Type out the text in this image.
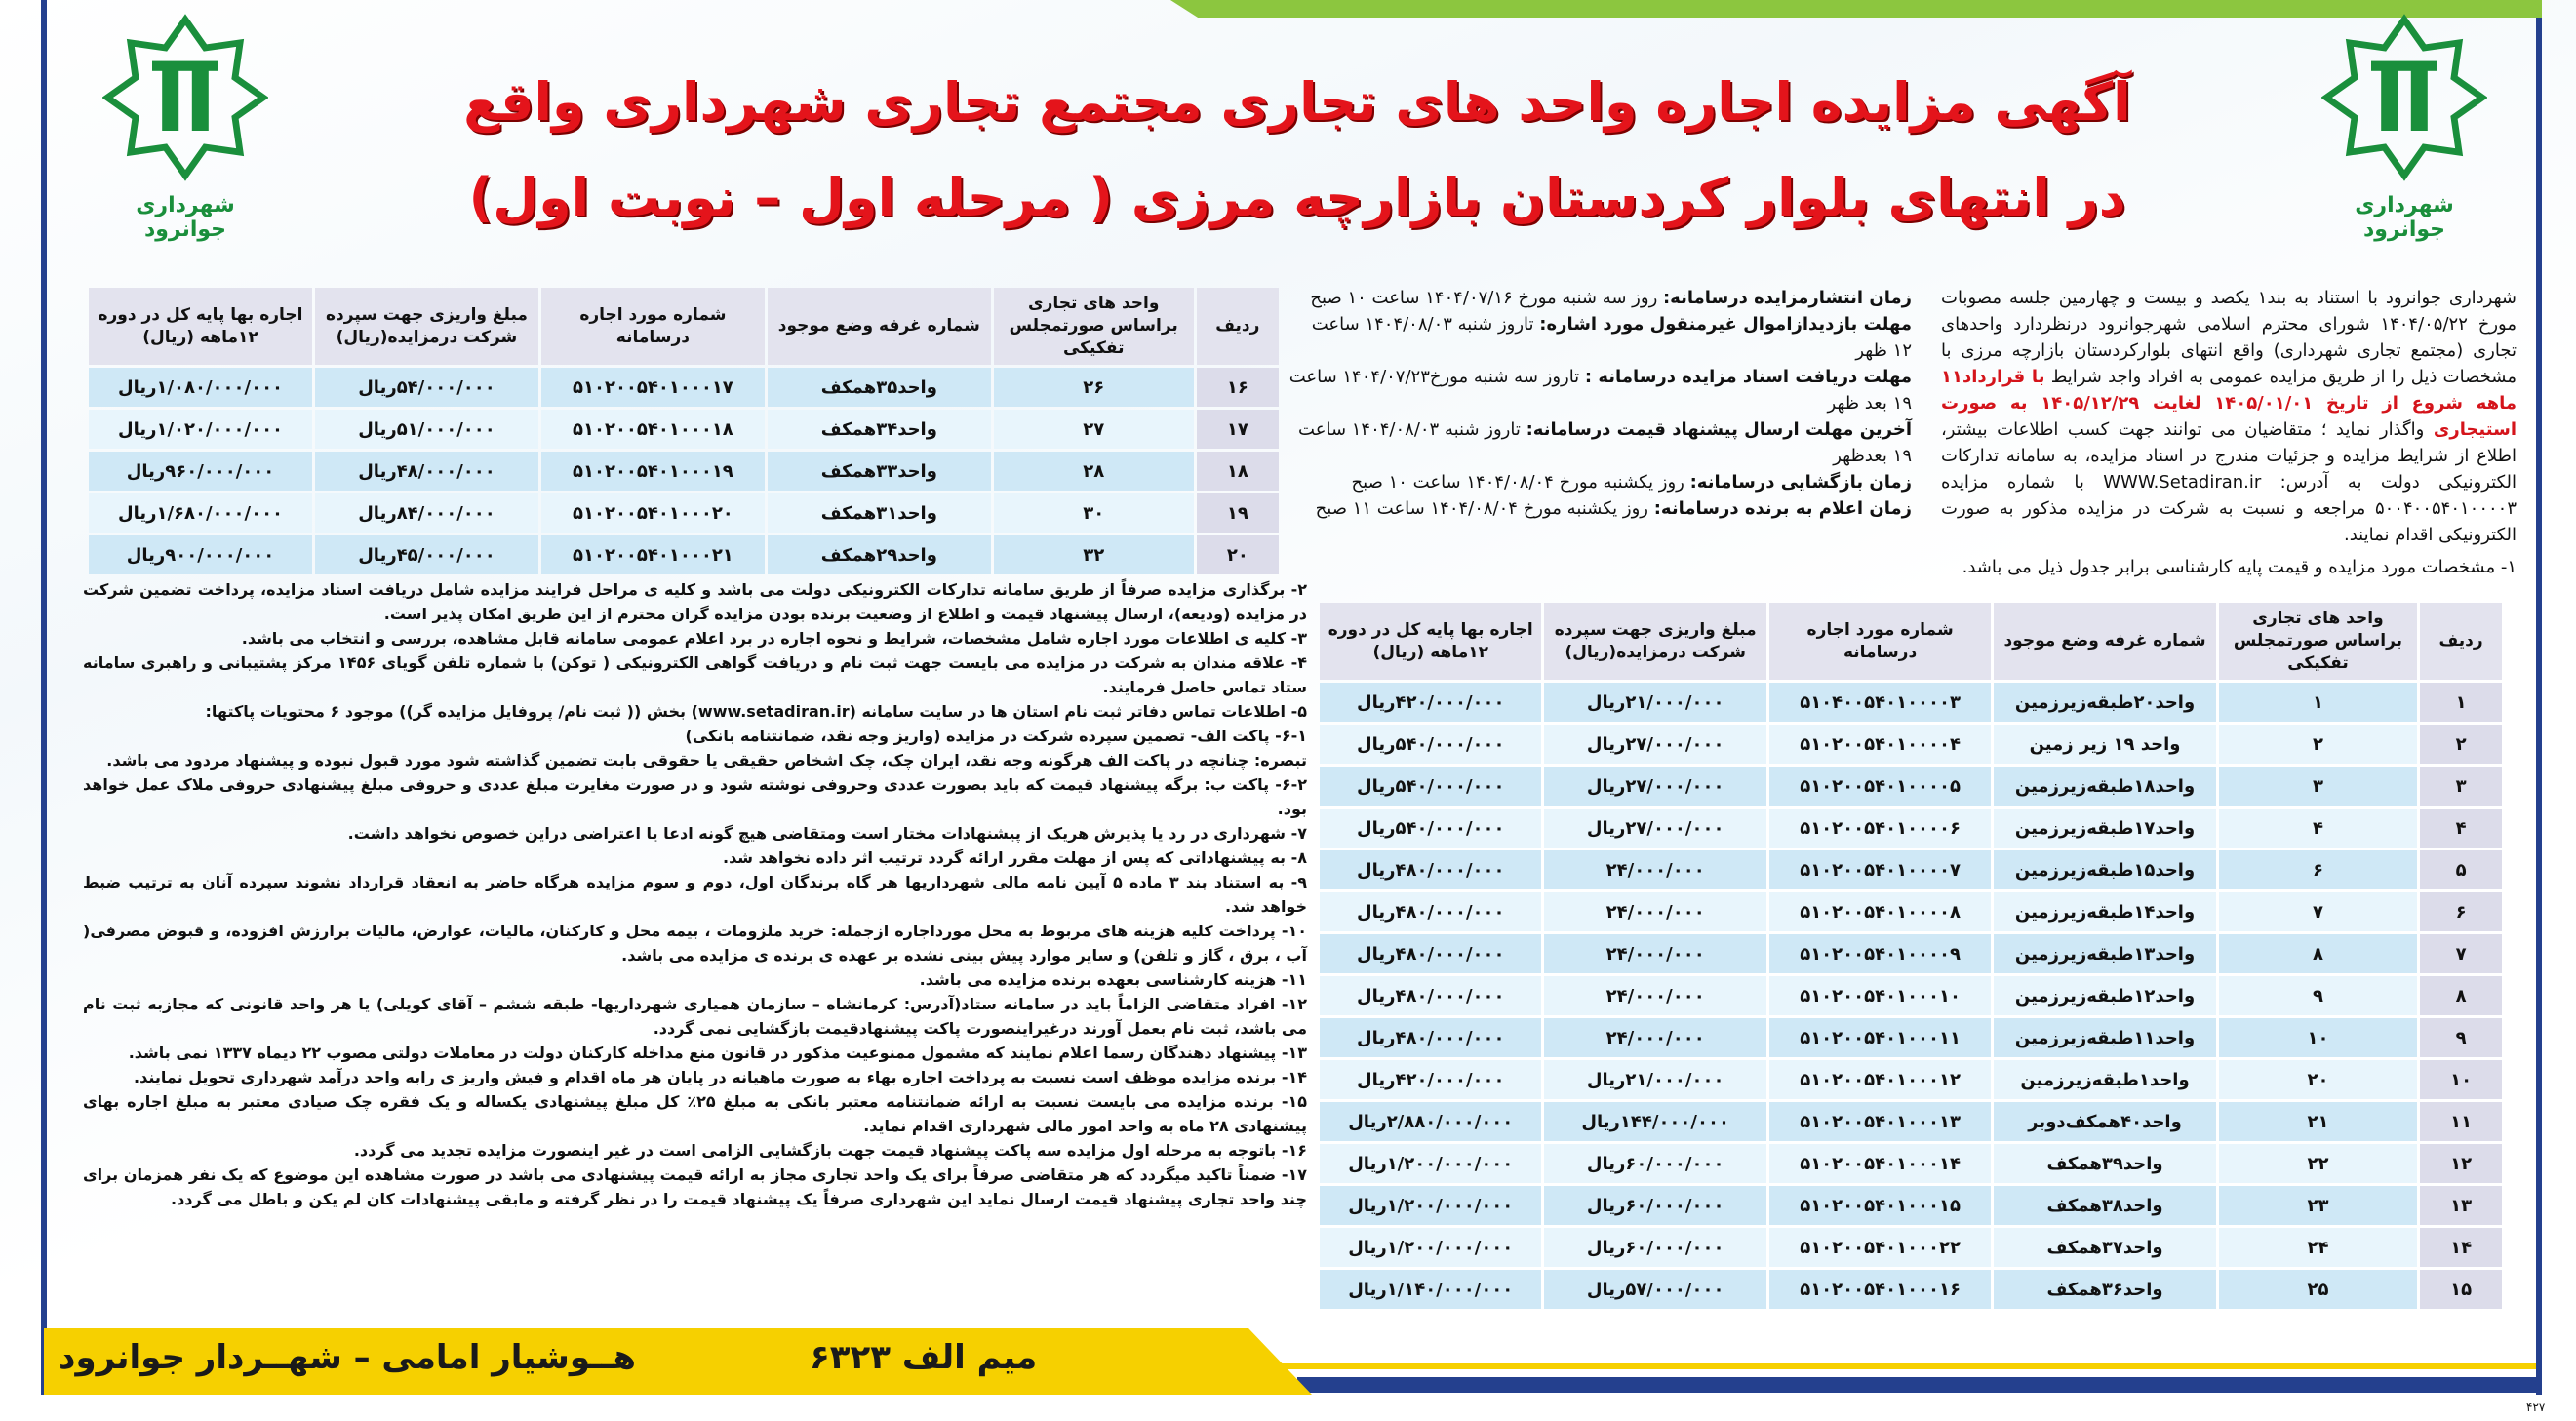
شهرداری جوانرود
شهرداری جوانرود
آگهی مزایده اجاره واحد های تجاری مجتمع تجاری شهرداری واقع
در انتهای بلوار کردستان بازارچه مرزی ( مرحله اول – نوبت اول)
شهرداری جوانرود با استناد به بند۱ یکصد و بیست و چهارمین جلسه مصوبات مورخ ۱۴۰۴/۰۵/۲۲ شورای محترم اسلامی شهرجوانرود درنظردارد واحدهای تجاری (مجتمع تجاری شهرداری) واقع انتهای بلوارکردستان بازارچه مرزی با مشخصات ذیل را از طریق مزایده عمومی به افراد واجد شرایط با قرارداد۱۱ ماهه شروع از تاریخ ۱۴۰۵/۰۱/۰۱ لغایت ۱۴۰۵/۱۲/۲۹ به صورت استیجاری واگذار نماید ؛ متقاضیان می توانند جهت کسب اطلاعات بیشتر، اطلاع از شرایط مزایده و جزئیات مندرج در اسناد مزایده، به سامانه تدارکات الکترونیکی دولت به آدرس: WWW.Setadiran.ir با شماره مزایده ۵۰۰۴۰۰۵۴۰۱۰۰۰۰۳ مراجعه و نسبت به شرکت در مزایده مذکور به صورت الکترونیکی اقدام نمایند.
۱- مشخصات مورد مزایده و قیمت پایه کارشناسی برابر جدول ذیل می باشد.
زمان انتشارمزایده درسامانه: روز سه شنبه مورخ ۱۴۰۴/۰۷/۱۶ ساعت ۱۰ صبح
مهلت بازدیدازاموال غیرمنقول مورد اشاره: تاروز شنبه ۱۴۰۴/۰۸/۰۳ ساعت ۱۲ ظهر
مهلت دریافت اسناد مزایده درسامانه : تاروز سه شنبه مورخ۱۴۰۴/۰۷/۲۳ ساعت ۱۹ بعد ظهر
آخرین مهلت ارسال پیشنهاد قیمت درسامانه: تاروز شنبه ۱۴۰۴/۰۸/۰۳ ساعت ۱۹ بعدظهر
زمان بازگشایی درسامانه: روز یکشنبه مورخ ۱۴۰۴/۰۸/۰۴ ساعت ۱۰ صبح
زمان اعلام به برنده درسامانه: روز یکشنبه مورخ ۱۴۰۴/۰۸/۰۴ ساعت ۱۱ صبح
ردیف	واحد های تجاری براساس صورتمجلس تفکیکی	شماره غرفه وضع موجود	شماره مورد اجاره درسامانه	مبلغ واریزی جهت سپرده شرکت درمزایده(ریال)	اجاره بها پایه کل در دوره ۱۲ماهه (ریال)
۱	۱	واحد۲۰طبقه‌زیرزمین	۵۱۰۴۰۰۵۴۰۱۰۰۰۰۳	۲۱/۰۰۰/۰۰۰ریال	۴۲۰/۰۰۰/۰۰۰ریال
۲	۲	واحد ۱۹ زیر زمین	۵۱۰۲۰۰۵۴۰۱۰۰۰۰۴	۲۷/۰۰۰/۰۰۰ریال	۵۴۰/۰۰۰/۰۰۰ریال
۳	۳	واحد۱۸طبقه‌زیرزمین	۵۱۰۲۰۰۵۴۰۱۰۰۰۰۵	۲۷/۰۰۰/۰۰۰ریال	۵۴۰/۰۰۰/۰۰۰ریال
۴	۴	واحد۱۷طبقه‌زیرزمین	۵۱۰۲۰۰۵۴۰۱۰۰۰۰۶	۲۷/۰۰۰/۰۰۰ریال	۵۴۰/۰۰۰/۰۰۰ریال
۵	۶	واحد۱۵طبقه‌زیرزمین	۵۱۰۲۰۰۵۴۰۱۰۰۰۰۷	۲۴/۰۰۰/۰۰۰	۴۸۰/۰۰۰/۰۰۰ریال
۶	۷	واحد۱۴طبقه‌زیرزمین	۵۱۰۲۰۰۵۴۰۱۰۰۰۰۸	۲۴/۰۰۰/۰۰۰	۴۸۰/۰۰۰/۰۰۰ریال
۷	۸	واحد۱۳طبقه‌زیرزمین	۵۱۰۲۰۰۵۴۰۱۰۰۰۰۹	۲۴/۰۰۰/۰۰۰	۴۸۰/۰۰۰/۰۰۰ریال
۸	۹	واحد۱۲طبقه‌زیرزمین	۵۱۰۲۰۰۵۴۰۱۰۰۰۱۰	۲۴/۰۰۰/۰۰۰	۴۸۰/۰۰۰/۰۰۰ریال
۹	۱۰	واحد۱۱طبقه‌زیرزمین	۵۱۰۲۰۰۵۴۰۱۰۰۰۱۱	۲۴/۰۰۰/۰۰۰	۴۸۰/۰۰۰/۰۰۰ریال
۱۰	۲۰	واحد۱طبقه‌زیرزمین	۵۱۰۲۰۰۵۴۰۱۰۰۰۱۲	۲۱/۰۰۰/۰۰۰ریال	۴۲۰/۰۰۰/۰۰۰ریال
۱۱	۲۱	واحد۴۰همکف‌دوبر	۵۱۰۲۰۰۵۴۰۱۰۰۰۱۳	۱۴۴/۰۰۰/۰۰۰ریال	۲/۸۸۰/۰۰۰/۰۰۰ریال
۱۲	۲۲	واحد۳۹همکف	۵۱۰۲۰۰۵۴۰۱۰۰۰۱۴	۶۰/۰۰۰/۰۰۰ریال	۱/۲۰۰/۰۰۰/۰۰۰ریال
۱۳	۲۳	واحد۳۸همکف	۵۱۰۲۰۰۵۴۰۱۰۰۰۱۵	۶۰/۰۰۰/۰۰۰ریال	۱/۲۰۰/۰۰۰/۰۰۰ریال
۱۴	۲۴	واحد۳۷همکف	۵۱۰۲۰۰۵۴۰۱۰۰۰۲۲	۶۰/۰۰۰/۰۰۰ریال	۱/۲۰۰/۰۰۰/۰۰۰ریال
۱۵	۲۵	واحد۳۶همکف	۵۱۰۲۰۰۵۴۰۱۰۰۰۱۶	۵۷/۰۰۰/۰۰۰ریال	۱/۱۴۰/۰۰۰/۰۰۰ریال
ردیف	واحد های تجاری براساس صورتمجلس تفکیکی	شماره غرفه وضع موجود	شماره مورد اجاره درسامانه	مبلغ واریزی جهت سپرده شرکت درمزایده(ریال)	اجاره بها پایه کل در دوره ۱۲ماهه (ریال)
۱۶	۲۶	واحد۳۵همکف	۵۱۰۲۰۰۵۴۰۱۰۰۰۱۷	۵۴/۰۰۰/۰۰۰ریال	۱/۰۸۰/۰۰۰/۰۰۰ریال
۱۷	۲۷	واحد۳۴همکف	۵۱۰۲۰۰۵۴۰۱۰۰۰۱۸	۵۱/۰۰۰/۰۰۰ریال	۱/۰۲۰/۰۰۰/۰۰۰ریال
۱۸	۲۸	واحد۳۳همکف	۵۱۰۲۰۰۵۴۰۱۰۰۰۱۹	۴۸/۰۰۰/۰۰۰ریال	۹۶۰/۰۰۰/۰۰۰ریال
۱۹	۳۰	واحد۳۱همکف	۵۱۰۲۰۰۵۴۰۱۰۰۰۲۰	۸۴/۰۰۰/۰۰۰ریال	۱/۶۸۰/۰۰۰/۰۰۰ریال
۲۰	۳۲	واحد۲۹همکف	۵۱۰۲۰۰۵۴۰۱۰۰۰۲۱	۴۵/۰۰۰/۰۰۰ریال	۹۰۰/۰۰۰/۰۰۰ریال
۲- برگذاری مزایده صرفاً از طریق سامانه تدارکات الکترونیکی دولت می باشد و کلیه ی مراحل فرایند مزایده شامل دریافت اسناد مزایده، پرداخت تضمین شرکت در مزایده (ودیعه)، ارسال پیشنهاد قیمت و اطلاع از وضعیت برنده بودن مزایده گران محترم از این طریق امکان پذیر است.
۳- کلیه ی اطلاعات مورد اجاره شامل مشخصات، شرایط و نحوه اجاره در برد اعلام عمومی سامانه قابل مشاهده، بررسی و انتخاب می باشد.
۴- علاقه مندان به شرکت در مزایده می بایست جهت ثبت نام و دریافت گواهی الکترونیکی ( توکن) با شماره تلفن گویای ۱۴۵۶ مرکز پشتیبانی و راهبری سامانه ستاد تماس حاصل فرمایند.
۵- اطلاعات تماس دفاتر ثبت نام استان ها در سایت سامانه (www.setadiran.ir) بخش (( ثبت نام/ پروفایل مزایده گر)) موجود ۶ محتویات پاکتها:
۶-۱- پاکت الف- تضمین سپرده شرکت در مزایده (واریز وجه نقد، ضمانتنامه بانکی)
تبصره: چنانچه در پاکت الف هرگونه وجه نقد، ایران چک، چک اشخاص حقیقی یا حقوقی بابت تضمین گذاشته شود مورد قبول نبوده و پیشنهاد مردود می باشد.
۶-۲- پاکت ب: برگه پیشنهاد قیمت که باید بصورت عددی وحروفی نوشته شود و در صورت مغایرت مبلغ عددی و حروفی مبلغ پیشنهادی حروفی ملاک عمل خواهد بود.
۷- شهرداری در رد یا پذیرش هریک از پیشنهادات مختار است ومتقاضی هیچ گونه ادعا یا اعتراضی دراین خصوص نخواهد داشت.
۸- به پیشنهاداتی که پس از مهلت مقرر ارائه گردد ترتیب اثر داده نخواهد شد.
۹- به استناد بند ۳ ماده ۵ آیین نامه مالی شهرداریها هر گاه برندگان اول، دوم و سوم مزایده هرگاه حاضر به انعقاد قرارداد نشوند سپرده آنان به ترتیب ضبط خواهد شد.
۱۰- پرداخت کلیه هزینه های مربوط به محل مورداجاره ازجمله: خرید ملزومات ، بیمه محل و کارکنان، مالیات، عوارض، مالیات برارزش افزوده، و قبوض مصرفی( آب ، برق ، گاز و تلفن) و سایر موارد پیش بینی نشده بر عهده ی برنده ی مزایده می باشد.
۱۱- هزینه کارشناسی بعهده برنده مزایده می باشد.
۱۲- افراد متقاضی الزاماً باید در سامانه ستاد(آدرس: کرمانشاه – سازمان همیاری شهرداریها- طبقه ششم – آقای کویلی) یا هر واحد قانونی که مجازبه ثبت نام می باشد، ثبت نام بعمل آورند درغیراینصورت پاکت پیشنهادقیمت بازگشایی نمی گردد.
۱۳- پیشنهاد دهندگان رسما اعلام نمایند که مشمول ممنوعیت مذکور در قانون منع مداخله کارکنان دولت در معاملات دولتی مصوب ۲۲ دیماه ۱۳۳۷ نمی باشد.
۱۴- برنده مزایده موظف است نسبت به پرداخت اجاره بهاء به صورت ماهیانه در پایان هر ماه اقدام و فیش واریز ی رابه واحد درآمد شهرداری تحویل نمایند.
۱۵- برنده مزایده می بایست نسبت به ارائه ضمانتنامه معتبر بانکی به مبلغ ۲۵٪ کل مبلغ پیشنهادی یکساله و یک فقره چک صیادی معتبر به مبلغ اجاره بهای پیشنهادی ۲۸ ماه به واحد امور مالی شهرداری اقدام نماید.
۱۶- باتوجه به مرحله اول مزایده سه پاکت پیشنهاد قیمت جهت بازگشایی الزامی است در غیر اینصورت مزایده تجدید می گردد.
۱۷- ضمناً تاکید میگردد که هر متقاضی صرفاً برای یک واحد تجاری مجاز به ارائه قیمت پیشنهادی می باشد در صورت مشاهده این موضوع که یک نفر همزمان برای چند واحد تجاری پیشنهاد قیمت ارسال نماید این شهرداری صرفاً یک پیشنهاد قیمت را در نظر گرفته و مابقی پیشنهادات کان لم یکن و باطل می گردد.
هــوشیار امامی – شهــردار جوانرود	میم الف ۶۳۲۳
۴۲۷
